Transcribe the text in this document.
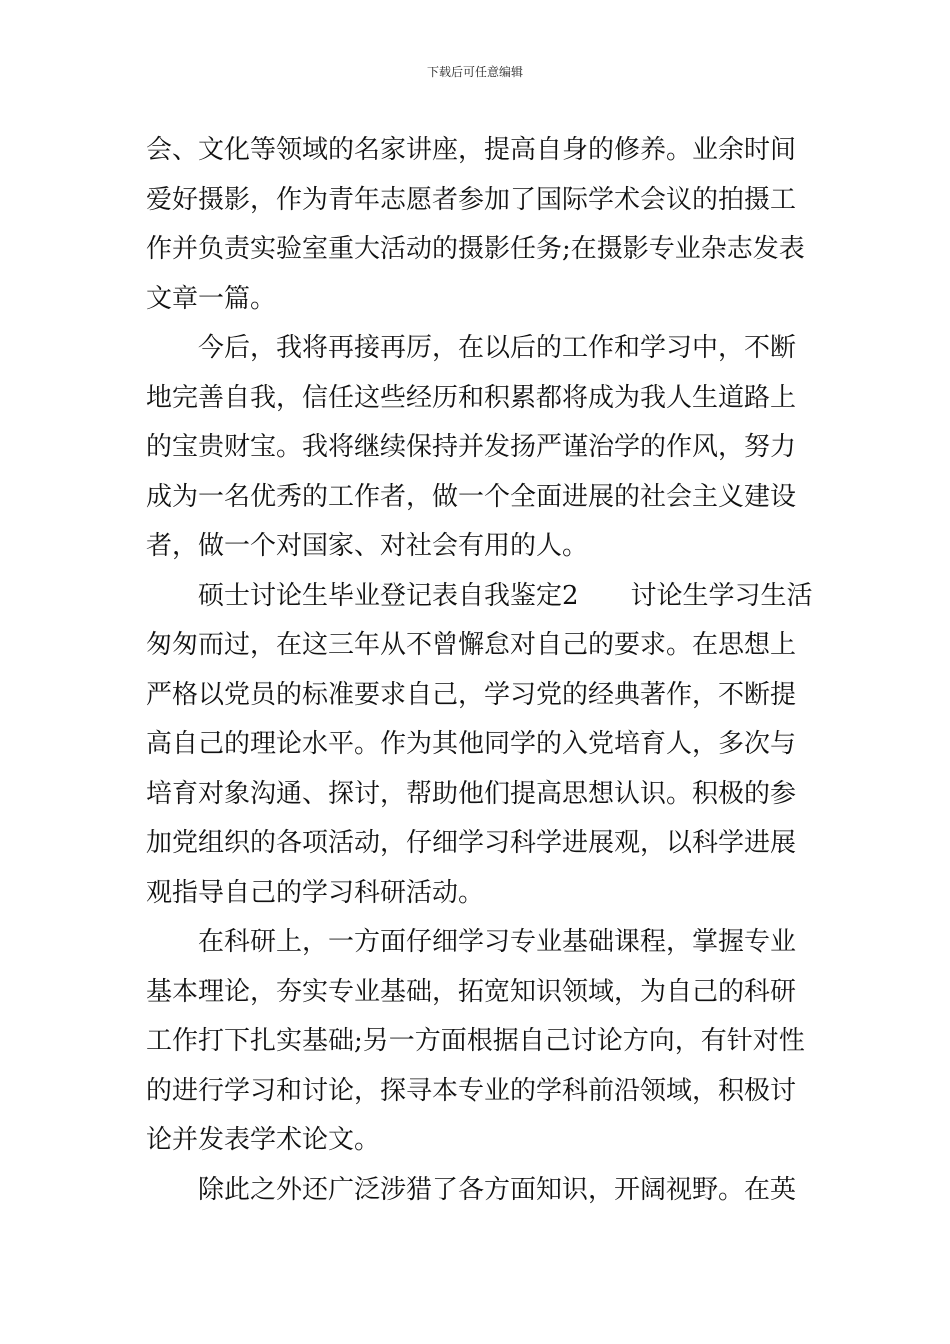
下载后可任意编辑
会、文化等领域的名家讲座，提高自身的修养。业余时间
爱好摄影，作为青年志愿者参加了国际学术会议的拍摄工
作并负责实验室重大活动的摄影任务;在摄影专业杂志发表
文章一篇。
今后，我将再接再厉，在以后的工作和学习中，不断
地完善自我，信任这些经历和积累都将成为我人生道路上
的宝贵财宝。我将继续保持并发扬严谨治学的作风，努力
成为一名优秀的工作者，做一个全面进展的社会主义建设
者，做一个对国家、对社会有用的人。
硕士讨论生毕业登记表自我鉴定2　　讨论生学习生活
匆匆而过，在这三年从不曾懈怠对自己的要求。在思想上
严格以党员的标准要求自己，学习党的经典著作，不断提
高自己的理论水平。作为其他同学的入党培育人，多次与
培育对象沟通、探讨，帮助他们提高思想认识。积极的参
加党组织的各项活动，仔细学习科学进展观，以科学进展
观指导自己的学习科研活动。
在科研上，一方面仔细学习专业基础课程，掌握专业
基本理论，夯实专业基础，拓宽知识领域，为自己的科研
工作打下扎实基础;另一方面根据自己讨论方向，有针对性
的进行学习和讨论，探寻本专业的学科前沿领域，积极讨
论并发表学术论文。
除此之外还广泛涉猎了各方面知识，开阔视野。在英
